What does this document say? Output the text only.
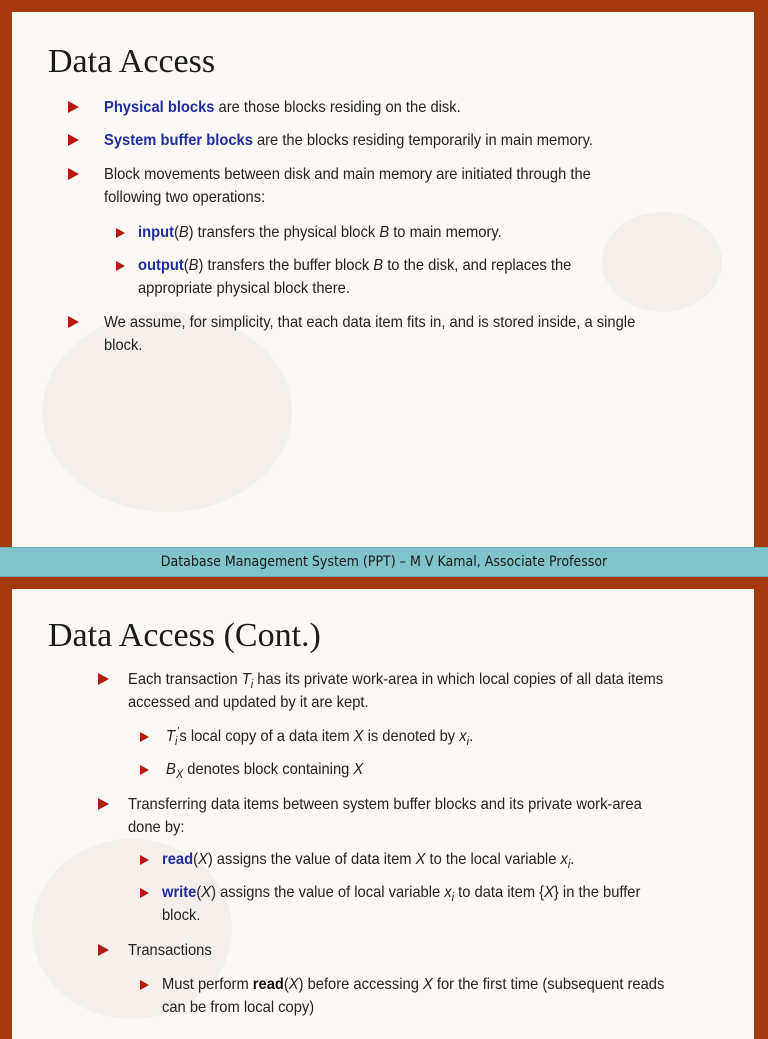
Data Access
Physical blocks are those blocks residing on the disk.
System buffer blocks are the blocks residing temporarily in main memory.
Block movements between disk and main memory are initiated through the
following two operations:
input(B) transfers the physical block B to main memory.
output(B) transfers the buffer block B to the disk, and replaces the
appropriate physical block there.
We assume, for simplicity, that each data item fits in, and is stored inside, a single
block.
Database Management System (PPT) – M V Kamal, Associate Professor
Data Access (Cont.)
Each transaction $T_i$ has its private work-area in which local copies of all data items
accessed and updated by it are kept.
$T_i's$ local copy of a data item X is denoted by $x_i$.
$B_X$ denotes block containing X
Transferring data items between system buffer blocks and its private work-area
done by:
read(X) assigns the value of data item X to the local variable $x_i$.
write(X) assigns the value of local variable $x_i$ to data item {X} in the buffer
block.
Transactions
Must perform read(X) before accessing X for the first time (subsequent reads
can be from local copy)
